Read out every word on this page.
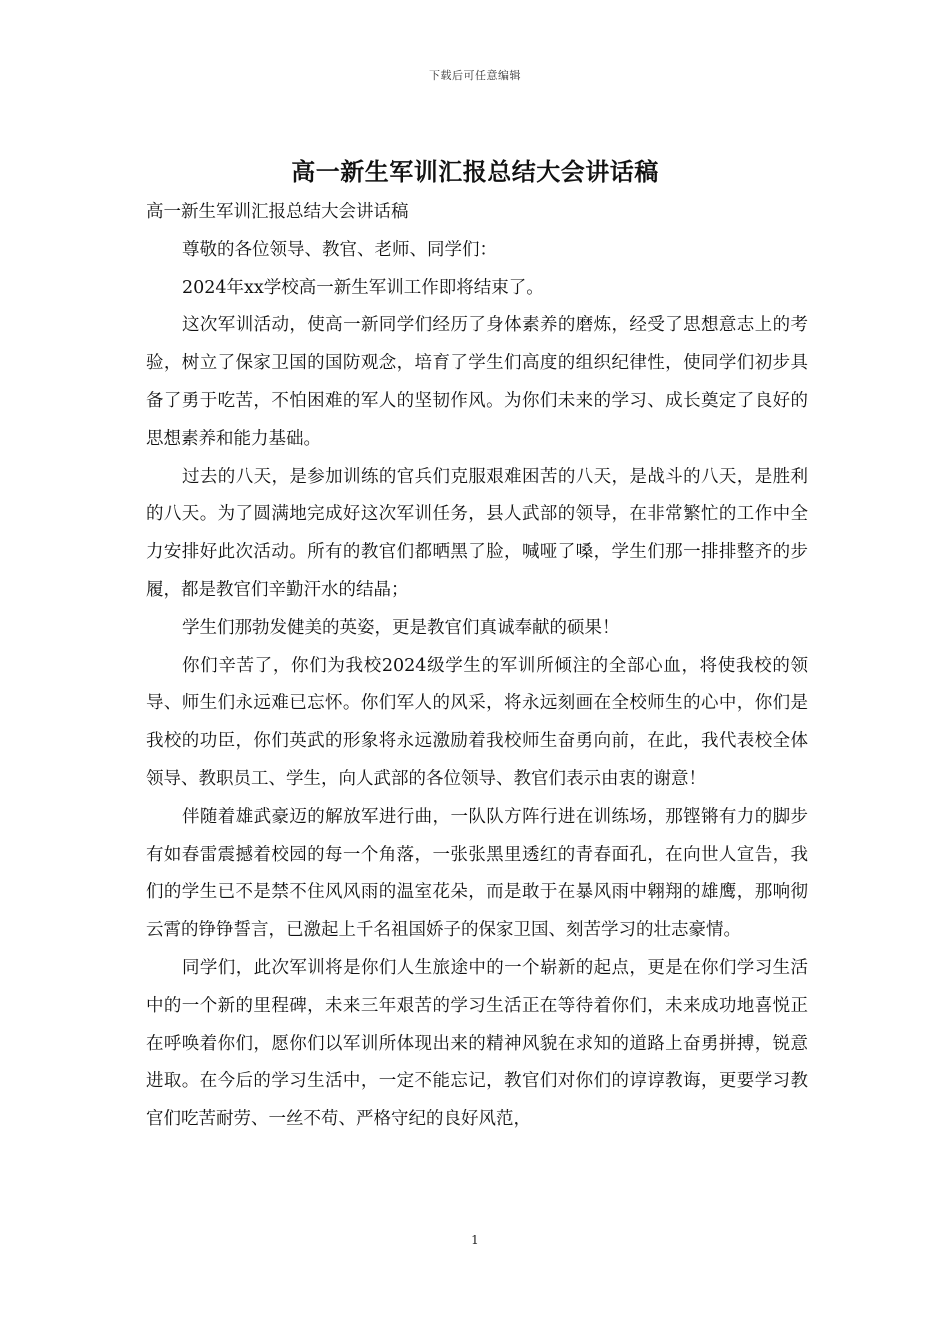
下载后可任意编辑
高一新生军训汇报总结大会讲话稿

高一新生军训汇报总结大会讲话稿

尊敬的各位领导、教官、老师、同学们：

2024年xx学校高一新生军训工作即将结束了。

这次军训活动，使高一新同学们经历了身体素养的磨炼，经受了思想意志上的考验，树立了保家卫国的国防观念，培育了学生们高度的组织纪律性，使同学们初步具备了勇于吃苦，不怕困难的军人的坚韧作风。为你们未来的学习、成长奠定了良好的思想素养和能力基础。

过去的八天，是参加训练的官兵们克服艰难困苦的八天，是战斗的八天，是胜利的八天。为了圆满地完成好这次军训任务，县人武部的领导，在非常繁忙的工作中全力安排好此次活动。所有的教官们都晒黑了脸，喊哑了嗓，学生们那一排排整齐的步履，都是教官们辛勤汗水的结晶；

学生们那勃发健美的英姿，更是教官们真诚奉献的硕果！

你们辛苦了，你们为我校2024级学生的军训所倾注的全部心血，将使我校的领导、师生们永远难已忘怀。你们军人的风采，将永远刻画在全校师生的心中，你们是我校的功臣，你们英武的形象将永远激励着我校师生奋勇向前，在此，我代表校全体领导、教职员工、学生，向人武部的各位领导、教官们表示由衷的谢意！

伴随着雄武豪迈的解放军进行曲，一队队方阵行进在训练场，那铿锵有力的脚步有如春雷震撼着校园的每一个角落，一张张黑里透红的青春面孔，在向世人宣告，我们的学生已不是禁不住风风雨的温室花朵，而是敢于在暴风雨中翱翔的雄鹰，那响彻云霄的铮铮誓言，已激起上千名祖国娇子的保家卫国、刻苦学习的壮志豪情。

同学们，此次军训将是你们人生旅途中的一个崭新的起点，更是在你们学习生活中的一个新的里程碑，未来三年艰苦的学习生活正在等待着你们，未来成功地喜悦正在呼唤着你们，愿你们以军训所体现出来的精神风貌在求知的道路上奋勇拼搏，锐意进取。在今后的学习生活中，一定不能忘记，教官们对你们的谆谆教诲，更要学习教官们吃苦耐劳、一丝不苟、严格守纪的良好风范，

1
